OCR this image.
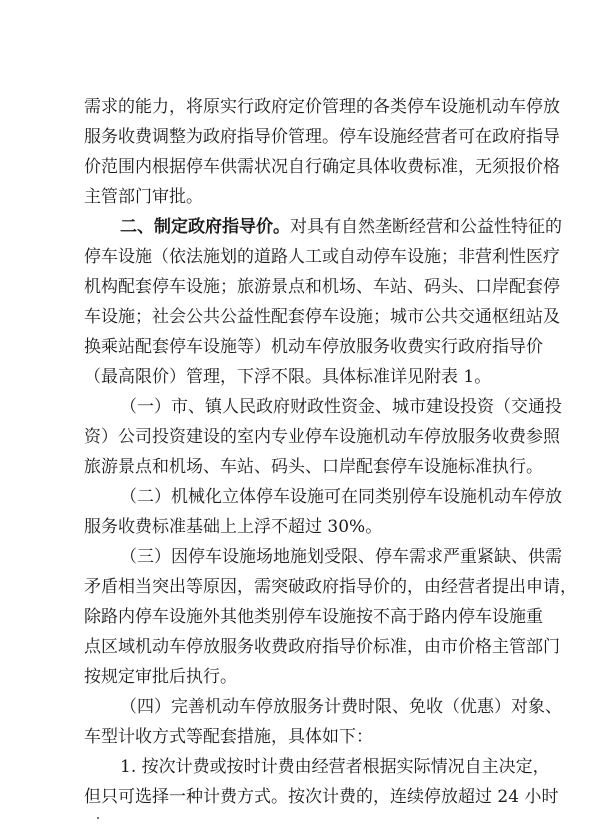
需求的能力，将原实行政府定价管理的各类停车设施机动车停放
服务收费调整为政府指导价管理。停车设施经营者可在政府指导
价范围内根据停车供需状况自行确定具体收费标准，无须报价格
主管部门审批。
二、制定政府指导价。对具有自然垄断经营和公益性特征的
停车设施（依法施划的道路人工或自动停车设施；非营利性医疗
机构配套停车设施；旅游景点和机场、车站、码头、口岸配套停
车设施；社会公共公益性配套停车设施；城市公共交通枢纽站及
换乘站配套停车设施等）机动车停放服务收费实行政府指导价
（最高限价）管理，下浮不限。具体标准详见附表 1。
（一）市、镇人民政府财政性资金、城市建设投资（交通投
资）公司投资建设的室内专业停车设施机动车停放服务收费参照
旅游景点和机场、车站、码头、口岸配套停车设施标准执行。
（二）机械化立体停车设施可在同类别停车设施机动车停放
服务收费标准基础上上浮不超过 30%。
（三）因停车设施场地施划受限、停车需求严重紧缺、供需
矛盾相当突出等原因，需突破政府指导价的，由经营者提出申请，
除路内停车设施外其他类别停车设施按不高于路内停车设施重
点区域机动车停放服务收费政府指导价标准，由市价格主管部门
按规定审批后执行。
（四）完善机动车停放服务计费时限、免收（优惠）对象、
车型计收方式等配套措施，具体如下：
1. 按次计费或按时计费由经营者根据实际情况自主决定，
但只可选择一种计费方式。按次计费的，连续停放超过 24 小时
